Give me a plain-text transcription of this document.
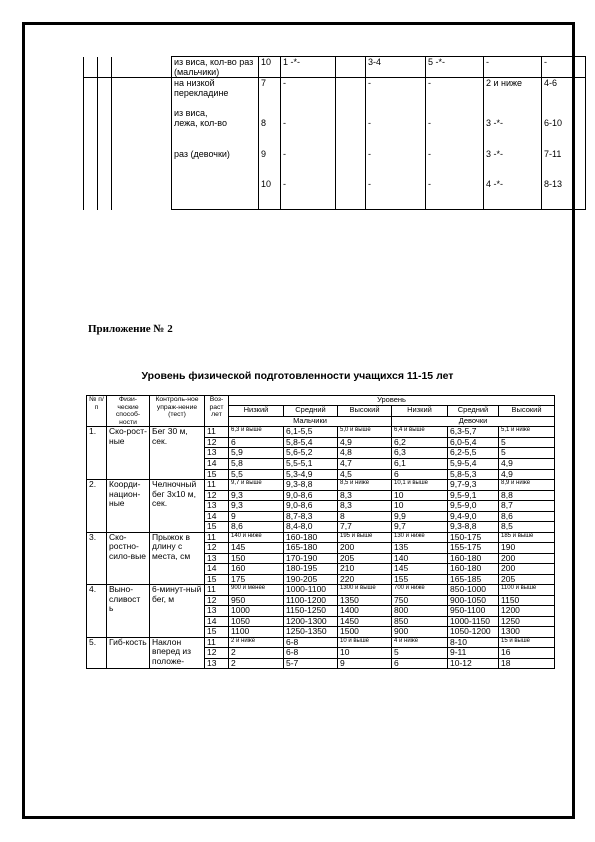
			из виса, кол-во раз (мальчики)	10	1 -*-		3-4	5 -*-	-	-	
			на низкой перекладине	7	-		-	-	2 и ниже	4-6	
			из виса,								
			лежа, кол-во	8	-		-	-	3 -*-	6-10	
			раз (девочки)	9	-		-	-	3 -*-	7-11	
				10	-		-	-	4 -*-	8-13	
Приложение № 2
Уровень физической подготовленности учащихся 11-15 лет
№ п/п	Физи-ческие способ-ности	Контроль-ное упраж-нение (тест)	Воз-раст лет	Уровень					
				Низкий	Средний	Высокий	Низкий	Средний	Высокий
				Мальчики			Девочки		
1.	Ско-рост-ные	Бег 30 м, сек.	11	6,3 и выше	6,1-5,5	5,0 и выше	6,4 и выше	6,3-5,7	5,1 и ниже
			12	6	5,8-5,4	4,9	6,2	6,0-5,4	5
			13	5,9	5,6-5,2	4,8	6,3	6,2-5,5	5
			14	5,8	5,5-5,1	4,7	6,1	5,9-5,4	4,9
			15	5,5	5,3-4,9	4,5	6	5,8-5,3	4,9
2.	Коорди-национ-ные	Челночный бег 3х10 м, сек.	11	9,7 и выше	9,3-8,8	8,5 и ниже	10,1 и выше	9,7-9,3	8,9 и ниже
			12	9,3	9,0-8,6	8,3	10	9,5-9,1	8,8
			13	9,3	9,0-8,6	8,3	10	9,5-9,0	8,7
			14	9	8,7-8,3	8	9,9	9,4-9,0	8,6
			15	8,6	8,4-8,0	7,7	9,7	9,3-8,8	8,5
3.	Ско-ростно-сило-вые	Прыжок в длину с места, см	11	140 и ниже	160-180	195 и выше	130 и ниже	150-175	185 и выше
			12	145	165-180	200	135	155-175	190
			13	150	170-190	205	140	160-180	200
			14	160	180-195	210	145	160-180	200
			15	175	190-205	220	155	165-185	205
4.	Выно-сливост ь	6-минут-ный бег, м	11	900 и менее	1000-1100	1300 и выше	700 и ниже	850-1000	1100 и выше
			12	950	1100-1200	1350	750	900-1050	1150
			13	1000	1150-1250	1400	800	950-1100	1200
			14	1050	1200-1300	1450	850	1000-1150	1250
			15	1100	1250-1350	1500	900	1050-1200	1300
5.	Гиб-кость	Наклон вперед из положе-	11	2 и ниже	6-8	10 и выше	4 и ниже	8-10	15 и выше
			12	2	6-8	10	5	9-11	16
			13	2	5-7	9	6	10-12	18
